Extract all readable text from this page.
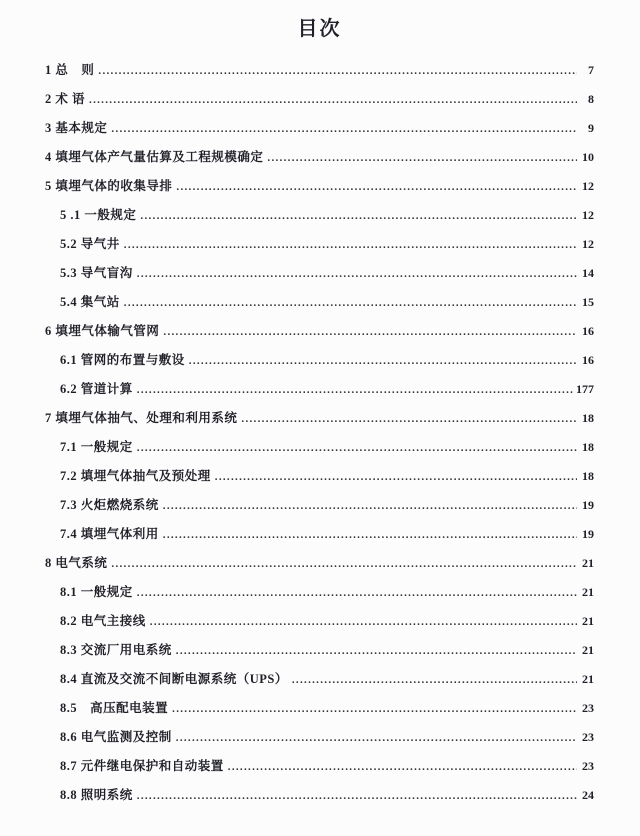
目次
1 总　则 .....	7
2 术 语 .....	8
3 基本规定 .....	9
4 填埋气体产气量估算及工程规模确定 .....	10
5 填埋气体的收集导排 .....	12
5 .1 一般规定 .....	12
5.2 导气井 .....	12
5.3 导气盲沟 .....	14
5.4 集气站 .....	15
6 填埋气体输气管网 .....	16
6.1 管网的布置与敷设 .....	16
6.2 管道计算 .....	177
7 填埋气体抽气、处理和利用系统 .....	18
7.1 一般规定 .....	18
7.2 填埋气体抽气及预处理 .....	18
7.3 火炬燃烧系统 .....	19
7.4 填埋气体利用 .....	19
8 电气系统 .....	21
8.1 一般规定 .....	21
8.2 电气主接线 .....	21
8.3 交流厂用电系统 .....	21
8.4 直流及交流不间断电源系统（UPS） .....	21
8.5　高压配电装置 .....	23
8.6 电气监测及控制 .....	23
8.7 元件继电保护和自动装置 .....	23
8.8 照明系统 .....	24
